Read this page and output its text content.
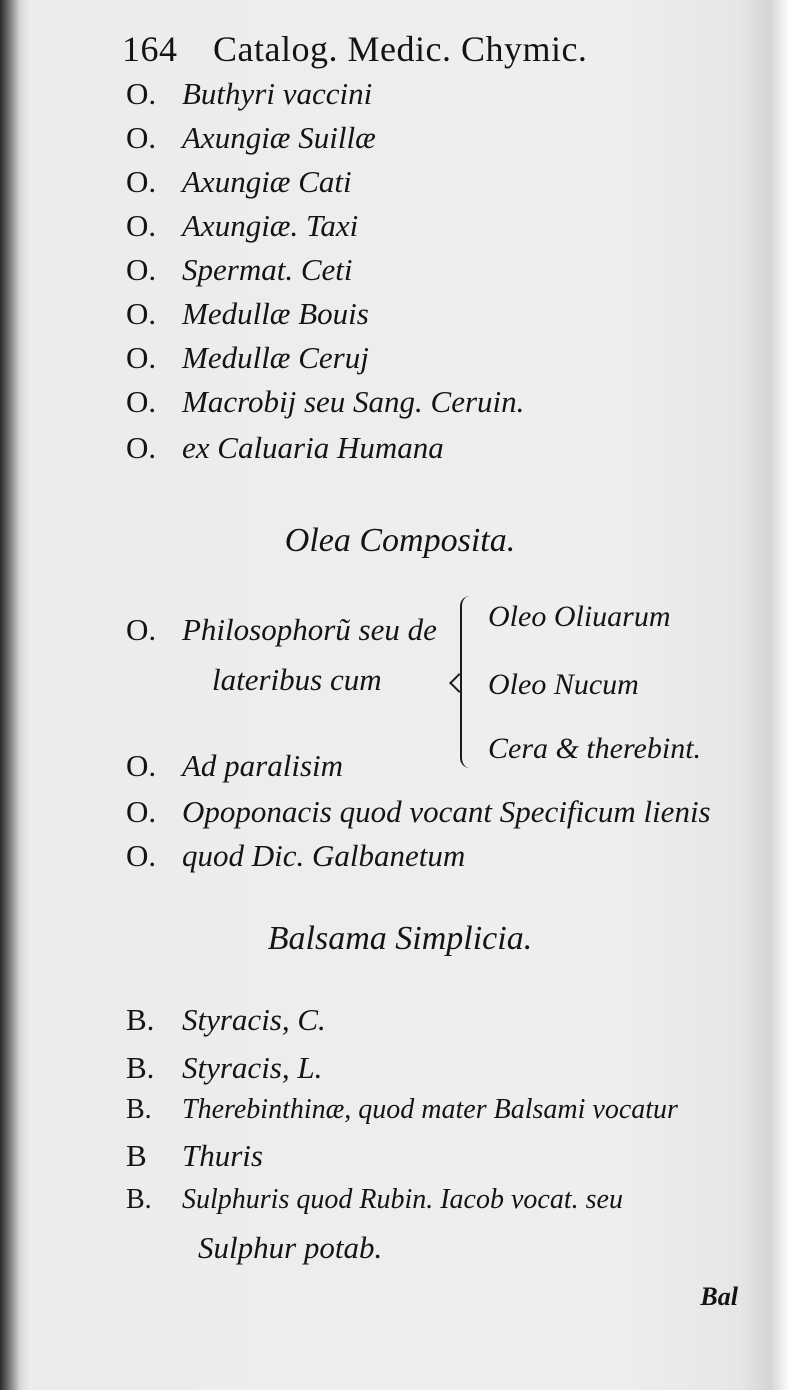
164 Catalog. Medic. Chymic.
O. Buthyri vaccini
O. Axungiæ Suillæ
O. Axungiæ Cati
O. Axungiæ. Taxi
O. Spermat. Ceti
O. Medullæ Bouis
O. Medullæ Ceruj
O. Macrobij seu Sang. Ceruin.
O. ex Caluaria Humana
Olea Composita.
O. Philosophorũ seu de
lateribus cum
Oleo Oliuarum
Oleo Nucum
Cera & therebint.
O. Ad paralisim
O. Opoponacis quod vocant Specificum lienis
O. quod Dic. Galbanetum
Balsama Simplicia.
B. Styracis, C.
B. Styracis, L.
B. Therebinthinæ, quod mater Balsami vocatur
B Thuris
B. Sulphuris quod Rubin. Iacob vocat. seu
Sulphur potab.
Bal
